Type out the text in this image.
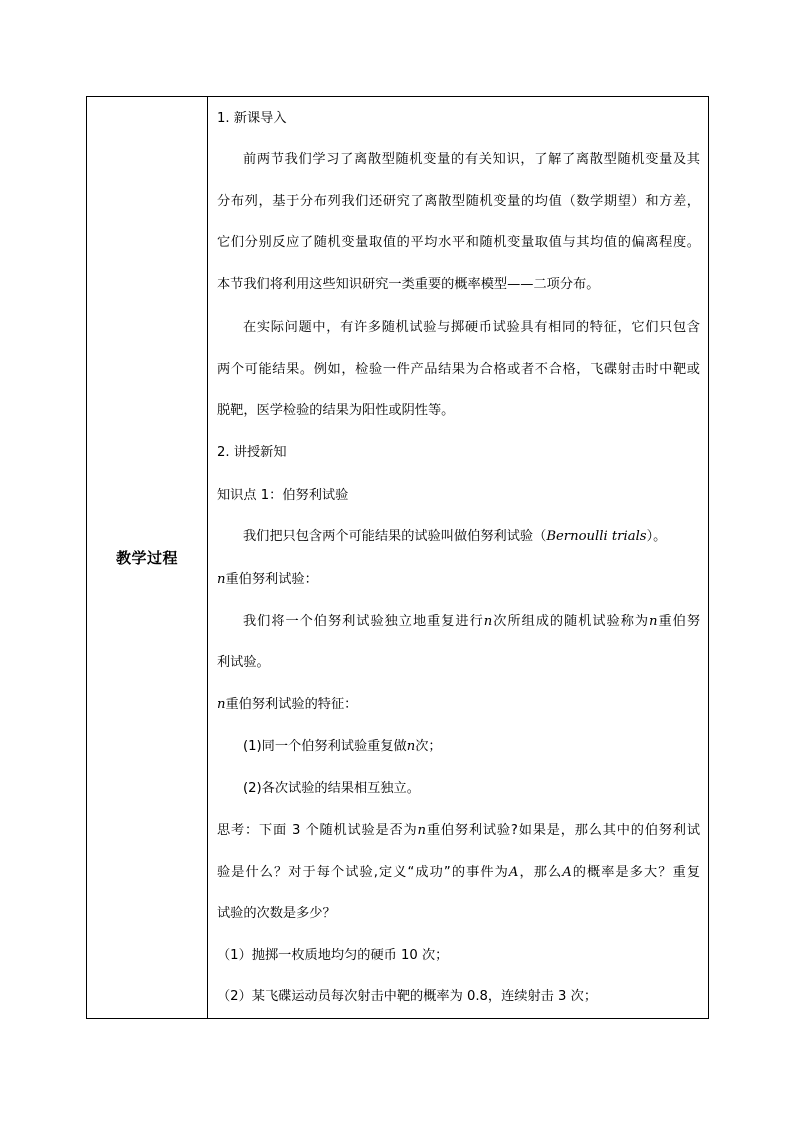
教学过程
1. 新课导入
前两节我们学习了离散型随机变量的有关知识，了解了离散型随机变量及其
分布列，基于分布列我们还研究了离散型随机变量的均值（数学期望）和方差，
它们分别反应了随机变量取值的平均水平和随机变量取值与其均值的偏离程度。
本节我们将利用这些知识研究一类重要的概率模型——二项分布。
在实际问题中，有许多随机试验与掷硬币试验具有相同的特征，它们只包含
两个可能结果。例如，检验一件产品结果为合格或者不合格，飞碟射击时中靶或
脱靶，医学检验的结果为阳性或阴性等。
2. 讲授新知
知识点 1：伯努利试验
我们把只包含两个可能结果的试验叫做伯努利试验（Bernoulli trials）。
n重伯努利试验：
我们将一个伯努利试验独立地重复进行n次所组成的随机试验称为n重伯努
利试验。
n重伯努利试验的特征：
(1)同一个伯努利试验重复做n次；
(2)各次试验的结果相互独立。
思考：下面 3 个随机试验是否为n重伯努利试验?如果是，那么其中的伯努利试
验是什么？对于每个试验,定义“成功”的事件为A，那么A的概率是多大？重复
试验的次数是多少？
（1）抛掷一枚质地均匀的硬币 10 次；
（2）某飞碟运动员每次射击中靶的概率为 0.8，连续射击 3 次；
